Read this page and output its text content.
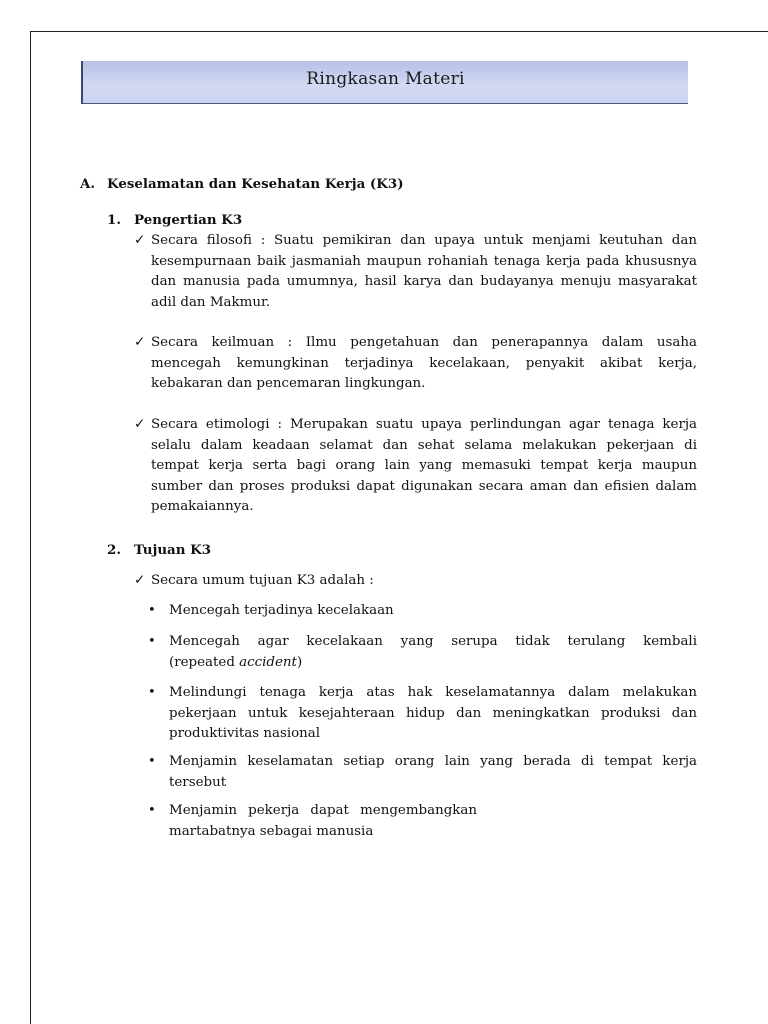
Ringkasan Materi
A. Keselamatan dan Kesehatan Kerja (K3)
1. Pengertian K3
✓ Secara filosofi : Suatu pemikiran dan upaya untuk menjami keutuhan dan
kesempurnaan baik jasmaniah maupun rohaniah tenaga kerja pada khususnya
dan manusia pada umumnya, hasil karya dan budayanya menuju masyarakat
adil dan Makmur.
✓ Secara keilmuan : Ilmu pengetahuan dan penerapannya dalam usaha
mencegah kemungkinan terjadinya kecelakaan, penyakit akibat kerja,
kebakaran dan pencemaran lingkungan.
✓ Secara etimologi : Merupakan suatu upaya perlindungan agar tenaga kerja
selalu dalam keadaan selamat dan sehat selama melakukan pekerjaan di
tempat kerja serta bagi orang lain yang memasuki tempat kerja maupun
sumber dan proses produksi dapat digunakan secara aman dan efisien dalam
pemakaiannya.
2. Tujuan K3
✓ Secara umum tujuan K3 adalah :
• Mencegah terjadinya kecelakaan
• Mencegah agar kecelakaan yang serupa tidak terulang kembali
(repeated accident)
• Melindungi tenaga kerja atas hak keselamatannya dalam melakukan
pekerjaan untuk kesejahteraan hidup dan meningkatkan produksi dan
produktivitas nasional
• Menjamin keselamatan setiap orang lain yang berada di tempat kerja
tersebut
• Menjamin pekerja dapat mengembangkan
martabatnya sebagai manusia
